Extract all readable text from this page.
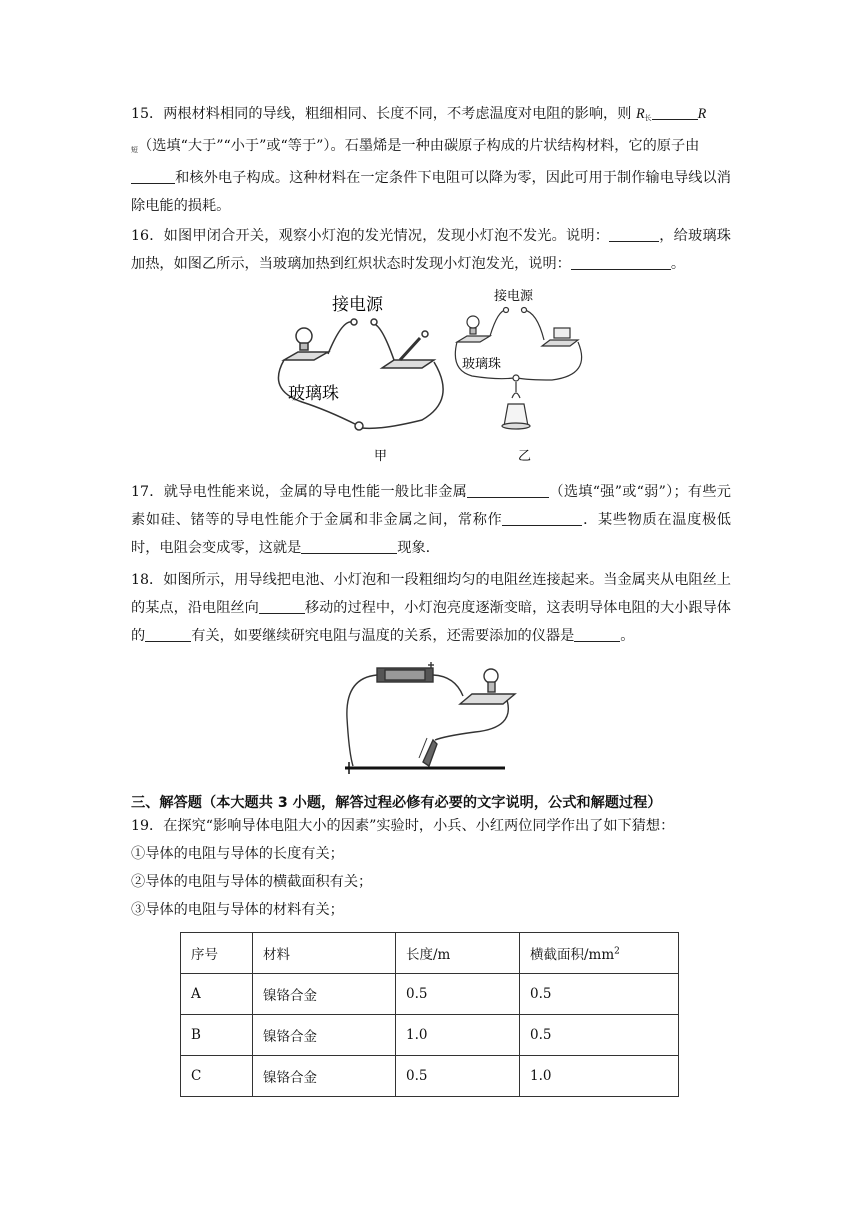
15．两根材料相同的导线，粗细相同、长度不同，不考虑温度对电阻的影响，则 $R_长$	R
$_短$（选填“大于”“小于”或“等于”）。石墨烯是一种由碳原子构成的片状结构材料，它的原子由
和核外电子构成。这种材料在一定条件下电阻可以降为零，因此可用于制作输电导线以消除电能的损耗。

16．如图甲闭合开关，观察小灯泡的发光情况，发现小灯泡不发光。说明：	，给玻璃珠加热，如图乙所示，当玻璃加热到红炽状态时发现小灯泡发光，说明：	。

接电源
玻璃珠
甲
接电源
玻璃珠
乙

17．就导电性能来说，金属的导电性能一般比非金属	（选填“强”或“弱”）；有些元素如硅、锗等的导电性能介于金属和非金属之间，常称作	．某些物质在温度极低时，电阻会变成零，这就是	现象.

18．如图所示，用导线把电池、小灯泡和一段粗细均匀的电阻丝连接起来。当金属夹从电阻丝上的某点，沿电阻丝向	移动的过程中，小灯泡亮度逐渐变暗，这表明导体电阻的大小跟导体的	有关，如要继续研究电阻与温度的关系，还需要添加的仪器是	。

三、解答题（本大题共 3 小题，解答过程必修有必要的文字说明，公式和解题过程）

19．在探究“影响导体电阻大小的因素”实验时，小兵、小红两位同学作出了如下猜想：
①导体的电阻与导体的长度有关；
②导体的电阻与导体的横截面积有关；
③导体的电阻与导体的材料有关；

序号	材料	长度/m	横截面积$/mm^2$
A	镍铬合金	0.5	0.5
B	镍铬合金	1.0	0.5
C	镍铬合金	0.5	1.0
